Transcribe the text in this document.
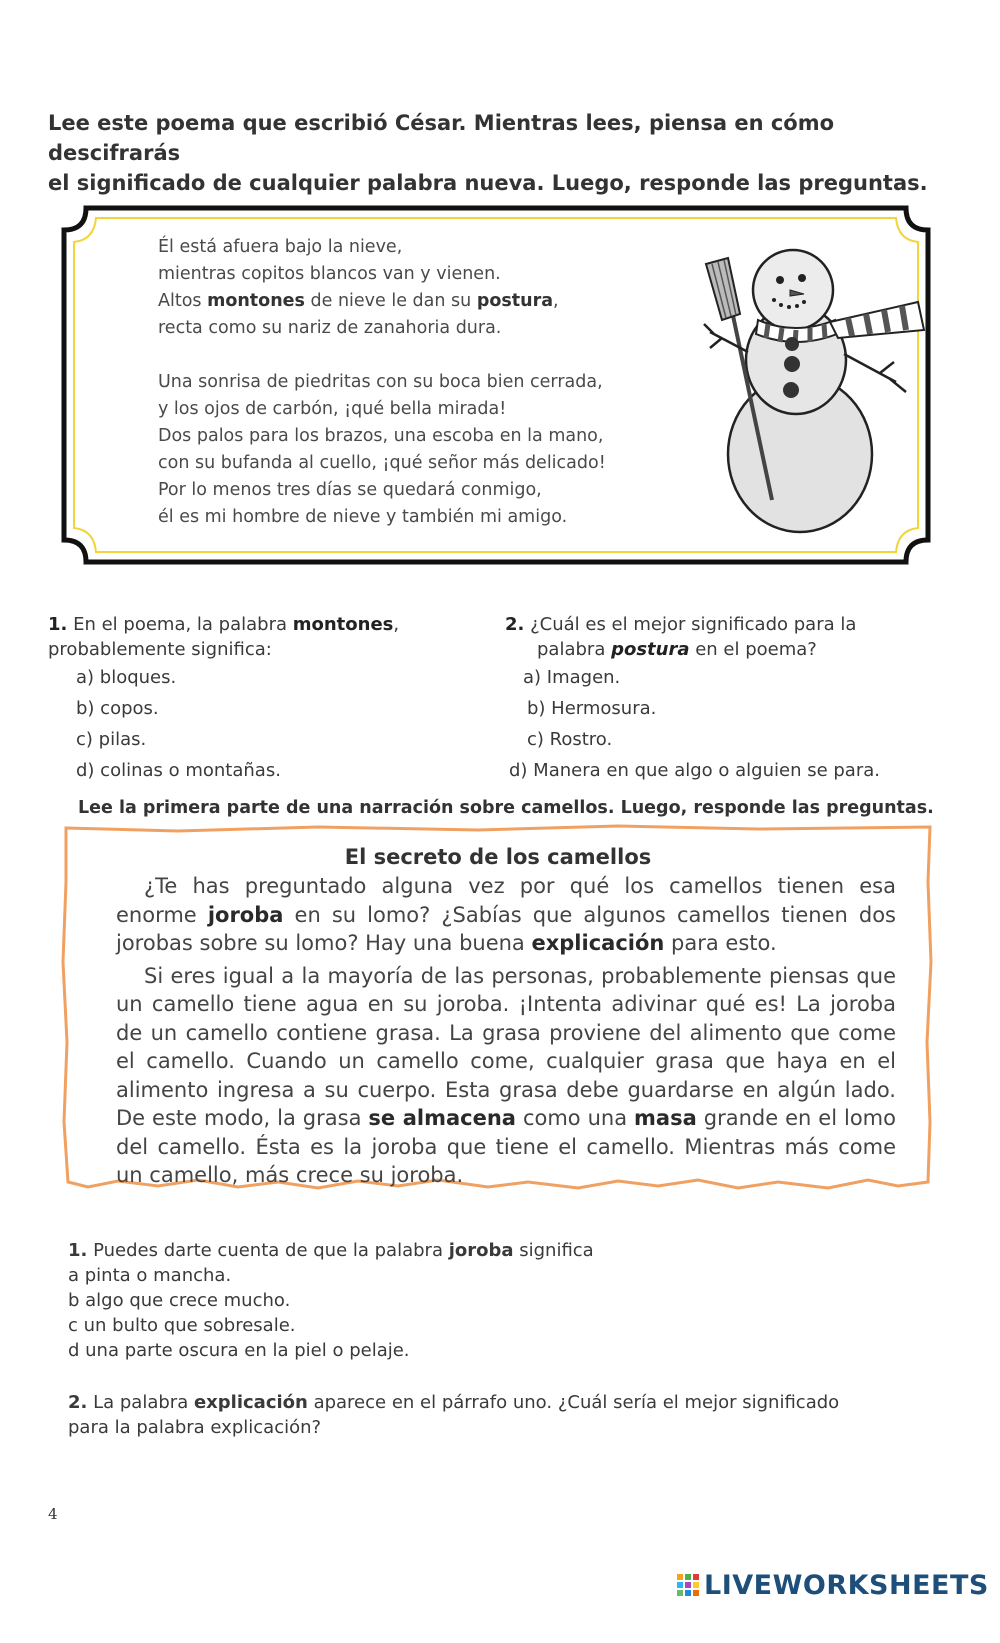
Lee este poema que escribió César. Mientras lees, piensa en cómo descifrarás
el significado de cualquier palabra nueva. Luego, responde las preguntas.
Él está afuera bajo la nieve,
mientras copitos blancos van y vienen.
Altos montones de nieve le dan su postura,
recta como su nariz de zanahoria dura.
Una sonrisa de piedritas con su boca bien cerrada,
y los ojos de carbón, ¡qué bella mirada!
Dos palos para los brazos, una escoba en la mano,
con su bufanda al cuello, ¡qué señor más delicado!
Por lo menos tres días se quedará conmigo,
él es mi hombre de nieve y también mi amigo.
1. En el poema, la palabra montones,
probablemente significa:
a) bloques.
b) copos.
c) pilas.
d) colinas o montañas.
2. ¿Cuál es el mejor significado para la
palabra postura en el poema?
a) Imagen.
b) Hermosura.
c) Rostro.
d) Manera en que algo o alguien se para.
Lee la primera parte de una narración sobre camellos. Luego, responde las preguntas.
El secreto de los camellos

¿Te has preguntado alguna vez por qué los camellos tienen esa enorme joroba en su lomo? ¿Sabías que algunos camellos tienen dos jorobas sobre su lomo? Hay una buena explicación para esto.

Si eres igual a la mayoría de las personas, probablemente piensas que un camello tiene agua en su joroba. ¡Intenta adivinar qué es! La joroba de un camello contiene grasa. La grasa proviene del alimento que come el camello. Cuando un camello come, cualquier grasa que haya en el alimento ingresa a su cuerpo. Esta grasa debe guardarse en algún lado. De este modo, la grasa se almacena como una masa grande en el lomo del camello. Ésta es la joroba que tiene el camello. Mientras más come un camello, más crece su joroba.

1. Puedes darte cuenta de que la palabra joroba significa
a pinta o mancha.
b algo que crece mucho.
c un bulto que sobresale.
d una parte oscura en la piel o pelaje.
2. La palabra explicación aparece en el párrafo uno. ¿Cuál sería el mejor significado
para la palabra explicación?
4
LIVEWORKSHEETS
